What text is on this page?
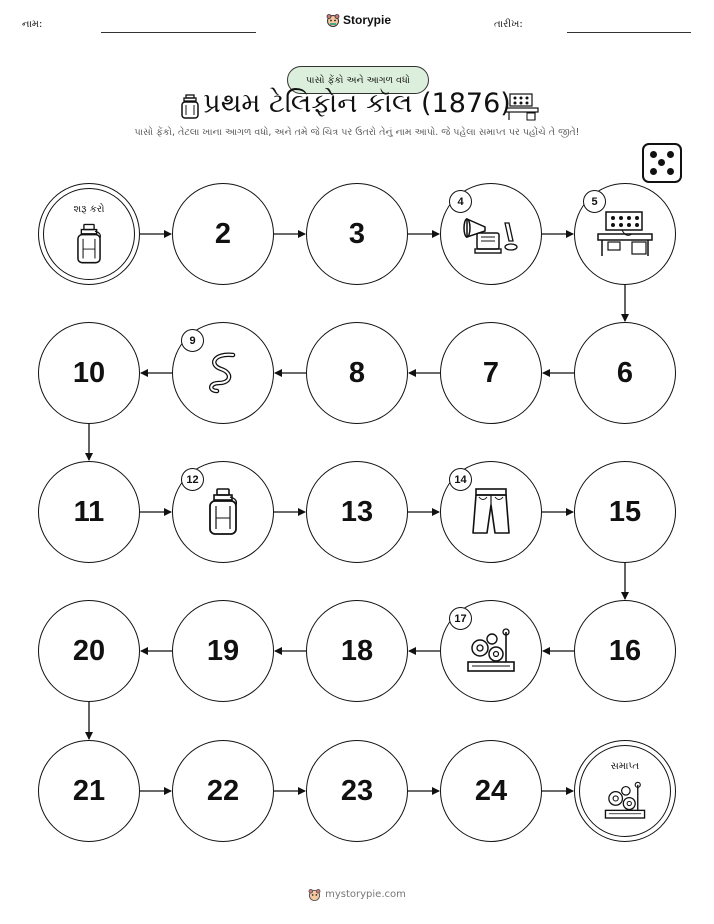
નામ:	Storypie	તારીખ:
પાસો ફેંકો અને આગળ વધો
પ્રથમ ટેલિફોન કૉલ (1876)
પાસો ફેંકો, તેટલા ખાના આગળ વધો, અને તમે જે ચિત્ર પર ઉતરો તેનું નામ આપો. જે પહેલા સમાપ્ત પર પહોંચે તે જીતે!
શરૂ કરો
2	3
4	5
6
7
8
9
10
11
12
13
14
15
16
17
18
19
20
21	22	23	24
સમાપ્ત
mystorypie.com
